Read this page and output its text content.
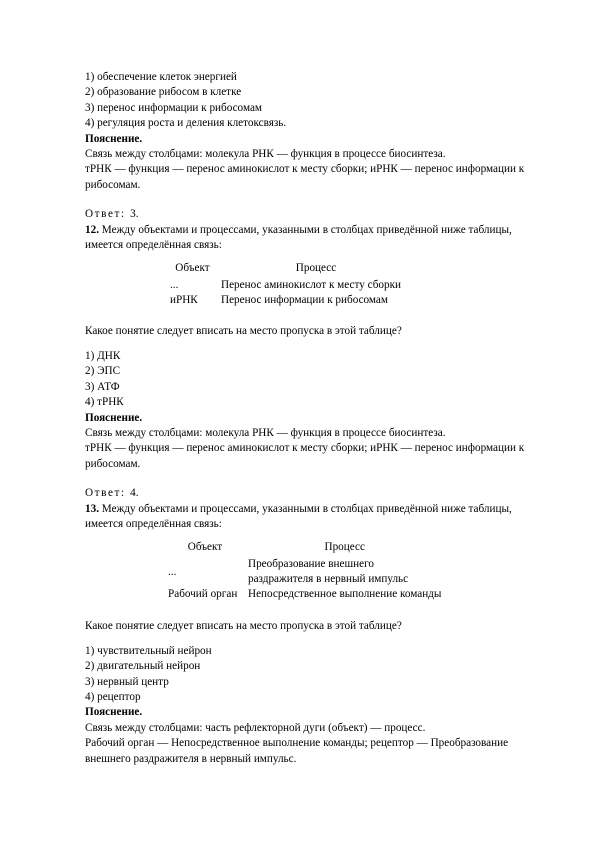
1) обеспечение клеток энергией
2) образование рибосом в клетке
3) перенос информации к рибосомам
4) регуляция роста и деления клетоксвязь.
Пояснение.
Связь между столбцами: молекула РНК — функция в процессе биосинтеза.
тРНК — функция — перенос аминокислот к месту сборки; иРНК — перенос информации к рибосомам.
Ответ: 3.
12. Между объектами и процессами, указанными в столбцах приведённой ниже таблицы, имеется определённая связь:
Объект	Процесс
...	Перенос аминокислот к месту сборки
иРНК	Перенос информации к рибосомам
Какое понятие следует вписать на место пропуска в этой таблице?
1) ДНК
2) ЭПС
3) АТФ
4) тРНК
Пояснение.
Связь между столбцами: молекула РНК — функция в процессе биосинтеза.
тРНК — функция — перенос аминокислот к месту сборки; иРНК — перенос информации к рибосомам.
Ответ: 4.
13. Между объектами и процессами, указанными в столбцах приведённой ниже таблицы, имеется определённая связь:
Объект	Процесс
...	Преобразование внешнего раздражителя в нервный импульс
Рабочий орган	Непосредственное выполнение команды
Какое понятие следует вписать на место пропуска в этой таблице?
1) чувствительный нейрон
2) двигательный нейрон
3) нервный центр
4) рецептор
Пояснение.
Связь между столбцами: часть рефлекторной дуги (объект) — процесс.
Рабочий орган — Непосредственное выполнение команды; рецептор — Преобразование внешнего раздражителя в нервный импульс.
